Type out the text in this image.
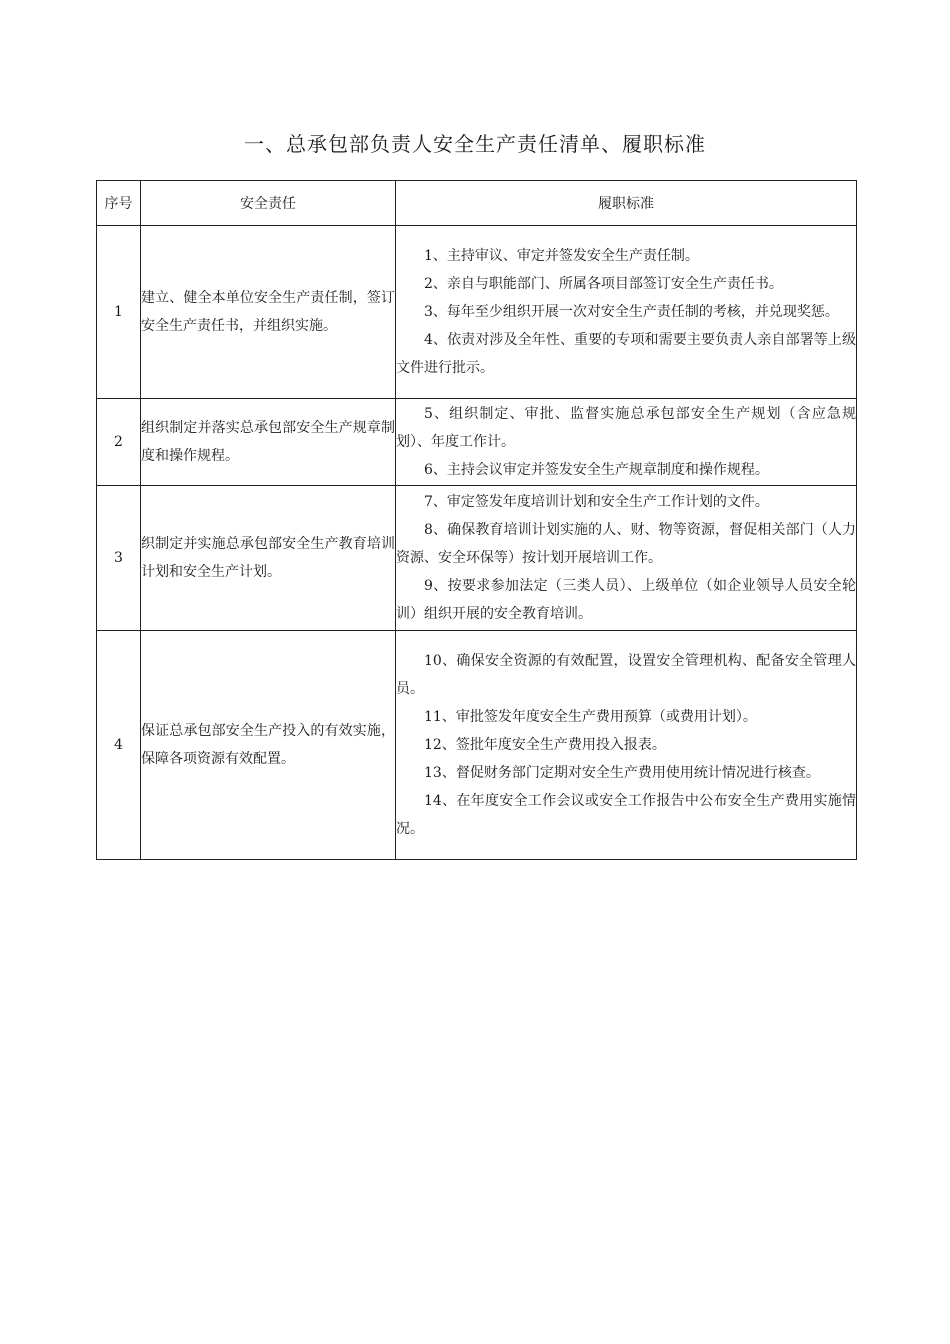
一、总承包部负责人安全生产责任清单、履职标准
序号	安全责任	履职标准
1	建立、健全本单位安全生产责任制，签订安全生产责任书，并组织实施。	1、主持审议、审定并签发安全生产责任制。
2、亲自与职能部门、所属各项目部签订安全生产责任书。
3、每年至少组织开展一次对安全生产责任制的考核，并兑现奖惩。
4、依责对涉及全年性、重要的专项和需要主要负责人亲自部署等上级文件进行批示。

2	组织制定并落实总承包部安全生产规章制度和操作规程。	5、组织制定、审批、监督实施总承包部安全生产规划（含应急规划）、年度工作计。
6、主持会议审定并签发安全生产规章制度和操作规程。

3	织制定并实施总承包部安全生产教育培训计划和安全生产计划。	7、审定签发年度培训计划和安全生产工作计划的文件。
8、确保教育培训计划实施的人、财、物等资源，督促相关部门（人力资源、安全环保等）按计划开展培训工作。
9、按要求参加法定（三类人员）、上级单位（如企业领导人员安全轮训）组织开展的安全教育培训。

4	保证总承包部安全生产投入的有效实施，保障各项资源有效配置。	10、确保安全资源的有效配置，设置安全管理机构、配备安全管理人员。
11、审批签发年度安全生产费用预算（或费用计划）。
12、签批年度安全生产费用投入报表。
13、督促财务部门定期对安全生产费用使用统计情况进行核查。
14、在年度安全工作会议或安全工作报告中公布安全生产费用实施情况。
